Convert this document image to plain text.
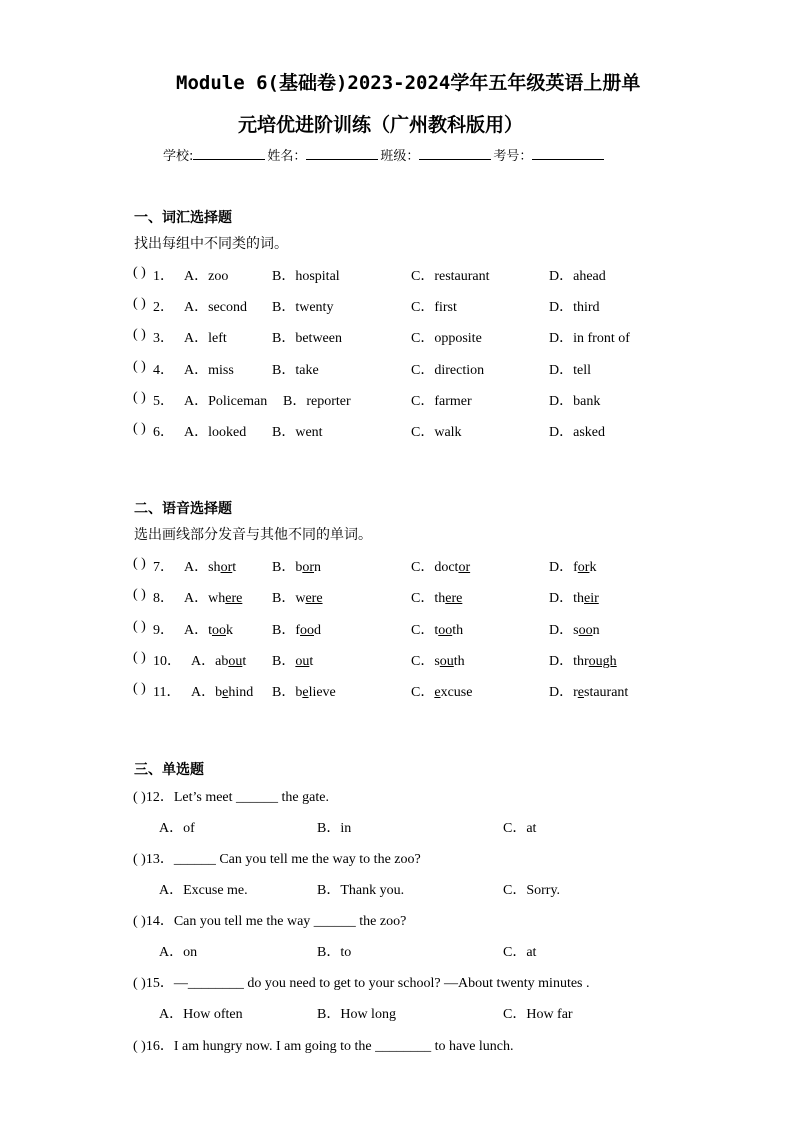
Module 6(基础卷)2023-2024学年五年级英语上册单
元培优进阶训练（广州教科版用）
学校:	姓名：	班级：	考号：
一、词汇选择题
找出每组中不同类的词。
( ) 1． A．zoo	B．hospital	C．restaurant	D．ahead
( ) 2． A．second B．twenty	C．first	D．third
( ) 3． A．left	B．between	C．opposite	D．in front of
( ) 4． A．miss	B．take	C．direction	D．tell
( ) 5． A．Policeman B．reporter	C．farmer	D．bank
( ) 6． A．looked B．went	C．walk	D．asked
二、语音选择题
选出画线部分发音与其他不同的单词。
( ) 7． A．short	B．born	C．doctor	D．fork
( ) 8． A．where B．were	C．there	D．their
( ) 9． A．took	B．food	C．tooth	D．soon
( ) 10． A．about B．out	C．south	D．through
( ) 11． A．behind B．believe	C．excuse	D．restaurant
三、单选题
( )12．Let’s meet ______ the gate.
A．of	B．in	C．at
( )13．______ Can you tell me the way to the zoo?
A．Excuse me.	B．Thank you.	C．Sorry.
( )14．Can you tell me the way ______ the zoo?
A．on	B．to	C．at
( )15．—________ do you need to get to your school? —About twenty minutes .
A．How often	B．How long	C．How far
( )16．I am hungry now. I am going to the ________ to have lunch.
